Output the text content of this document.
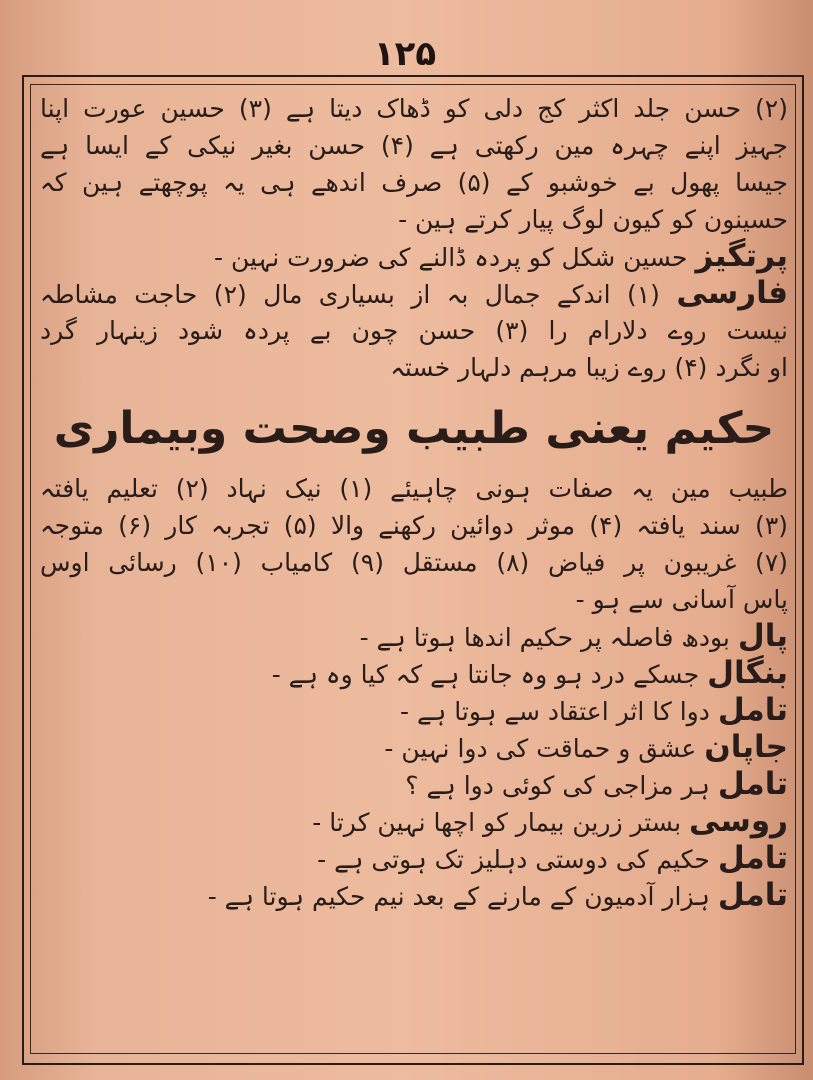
۱۲۵
(۲) حسن جلد اکثر کج دلی کو ڈھاک دیتا ہے (۳) حسین عورت اپنا
جہیز اپنے چہرہ مین رکھتی ہے (۴) حسن بغیر نیکی کے ایسا ہے
جیسا پھول بے خوشبو کے (۵) صرف اندھے ہی یہ پوچھتے ہین کہ
حسینون کو کیون لوگ پیار کرتے ہین -
پرتگیز حسین شکل کو پردہ ڈالنے کی ضرورت نہین -
فارسی (۱) اندکے جمال بہ از بسیاری مال (۲) حاجت مشاطہ
نیست روے دلارام را (۳) حسن چون بے پردہ شود زینہار گرد
او نگرد (۴) روے زیبا مرہم دلہار خستہ
حکیم یعنی طبیب وصحت وبیماری
طبیب مین یہ صفات ہونی چاہیئے (۱) نیک نہاد (۲) تعلیم یافتہ
(۳) سند یافتہ (۴) موثر دوائین رکھنے والا (۵) تجربہ کار (۶) متوجہ
(۷) غریبون پر فیاض (۸) مستقل (۹) کامیاب (۱۰) رسائی اوس
پاس آسانی سے ہو -
پال بودھ فاصلہ پر حکیم اندھا ہوتا ہے -
بنگال جسکے درد ہو وہ جانتا ہے کہ کیا وہ ہے -
تامل دوا کا اثر اعتقاد سے ہوتا ہے -
جاپان عشق و حماقت کی دوا نہین -
تامل ہر مزاجی کی کوئی دوا ہے ؟
روسی بستر زرین بیمار کو اچھا نہین کرتا -
تامل حکیم کی دوستی دہلیز تک ہوتی ہے -
تامل ہزار آدمیون کے مارنے کے بعد نیم حکیم ہوتا ہے -
